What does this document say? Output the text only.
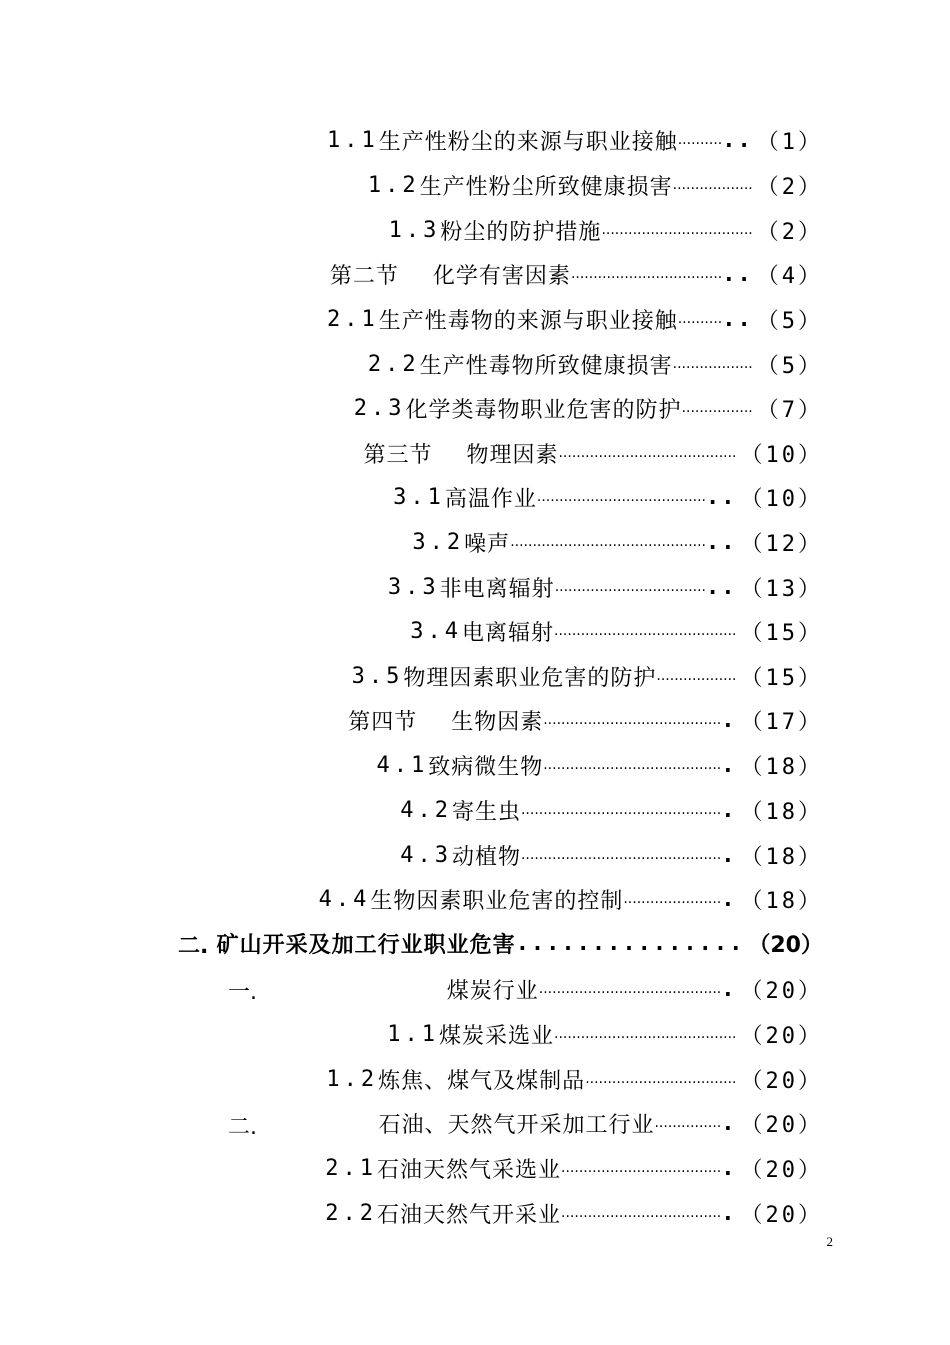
1.1 生产性粉尘的来源与职业接触 .......... .. （1）
1.2 生产性粉尘所致健康损害 .................. （2）
1.3 粉尘的防护措施 .................................. （2）
第二节 化学有害因素 .................................. .. （4）
2.1 生产性毒物的来源与职业接触 .......... .. （5）
2.2 生产性毒物所致健康损害 .................. （5）
2.3 化学类毒物职业危害的防护 ................ （7）
第三节 物理因素 ........................................ （10）
3.1 高温作业 ...................................... .. （10）
3.2 噪声 ............................................ .. （12）
3.3 非电离辐射 .................................. .. （13）
3.4 电离辐射 ......................................... （15）
3.5 物理因素职业危害的防护 .................. （15）
第四节 生物因素 ........................................ . （17）
4.1 致病微生物 ........................................ . （18）
4.2 寄生虫 ............................................. . （18）
4.3 动植物 ............................................. . （18）
4.4 生物因素职业危害的控制 ...................... . （18）
二. 矿山开采及加工行业职业危害 ............... （20）
一.	煤炭行业 ......................................... . （20）
1.1 煤炭采选业 ......................................... （20）
1.2 炼焦、煤气及煤制品 .................................. （20）
二.	石油、天然气开采加工行业 ............... . （20）
2.1 石油天然气采选业 .................................... . （20）
2.2 石油天然气开采业 .................................... . （20）
2
